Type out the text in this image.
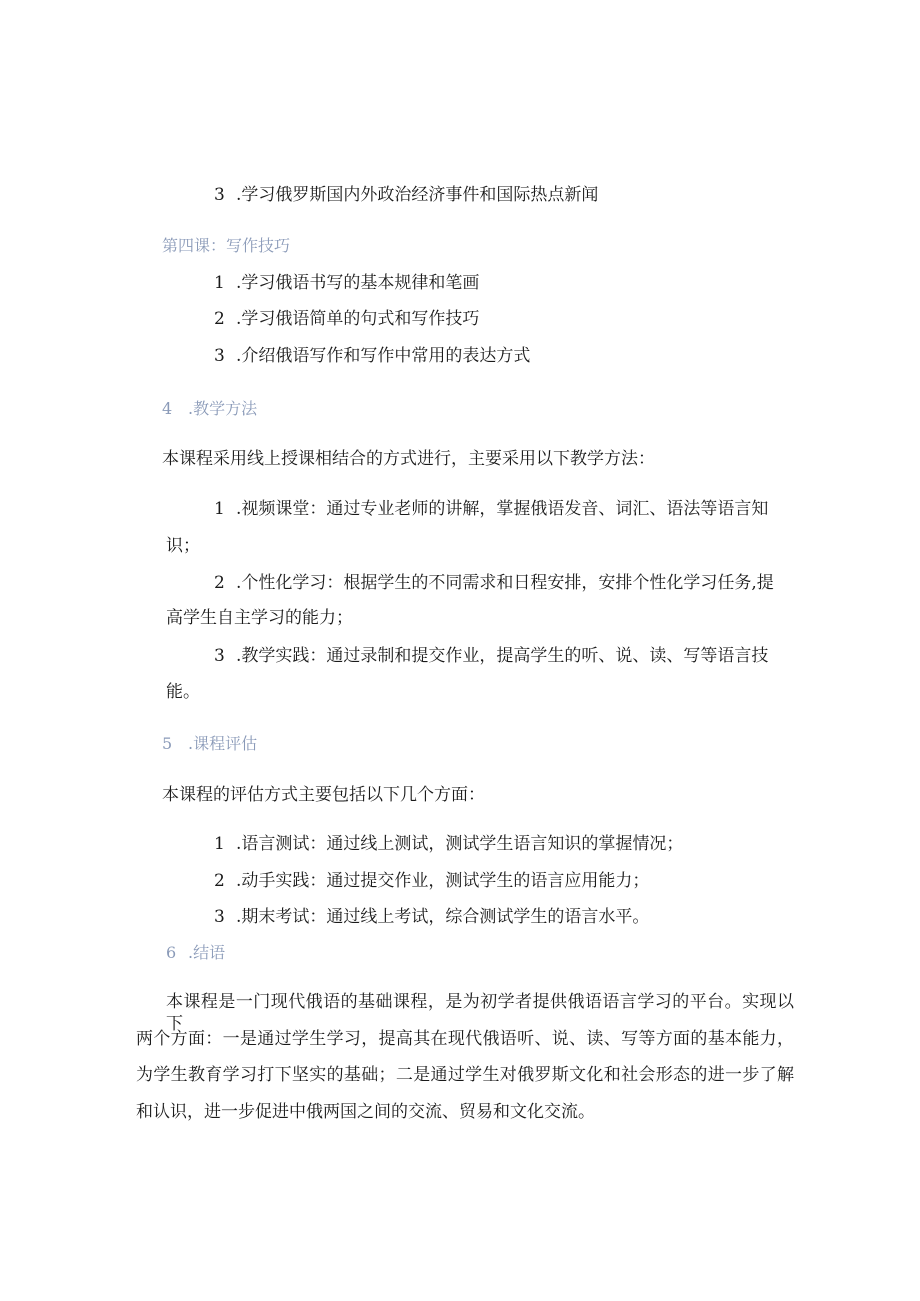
3 .学习俄罗斯国内外政治经济事件和国际热点新闻
第四课：写作技巧
1 .学习俄语书写的基本规律和笔画
2 .学习俄语简单的句式和写作技巧
3 .介绍俄语写作和写作中常用的表达方式
4 .教学方法
本课程采用线上授课相结合的方式进行，主要采用以下教学方法：
1 .视频课堂：通过专业老师的讲解，掌握俄语发音、词汇、语法等语言知
识；
2 .个性化学习：根据学生的不同需求和日程安排，安排个性化学习任务,提
高学生自主学习的能力；
3 .教学实践：通过录制和提交作业，提高学生的听、说、读、写等语言技
能。
5 .课程评估
本课程的评估方式主要包括以下几个方面：
1 .语言测试：通过线上测试，测试学生语言知识的掌握情况；
2 .动手实践：通过提交作业，测试学生的语言应用能力；
3 .期末考试：通过线上考试，综合测试学生的语言水平。
6 .结语
本课程是一门现代俄语的基础课程，是为初学者提供俄语语言学习的平台。实现以下
两个方面：一是通过学生学习，提高其在现代俄语听、说、读、写等方面的基本能力，
为学生教育学习打下坚实的基础；二是通过学生对俄罗斯文化和社会形态的进一步了解
和认识，进一步促进中俄两国之间的交流、贸易和文化交流。
